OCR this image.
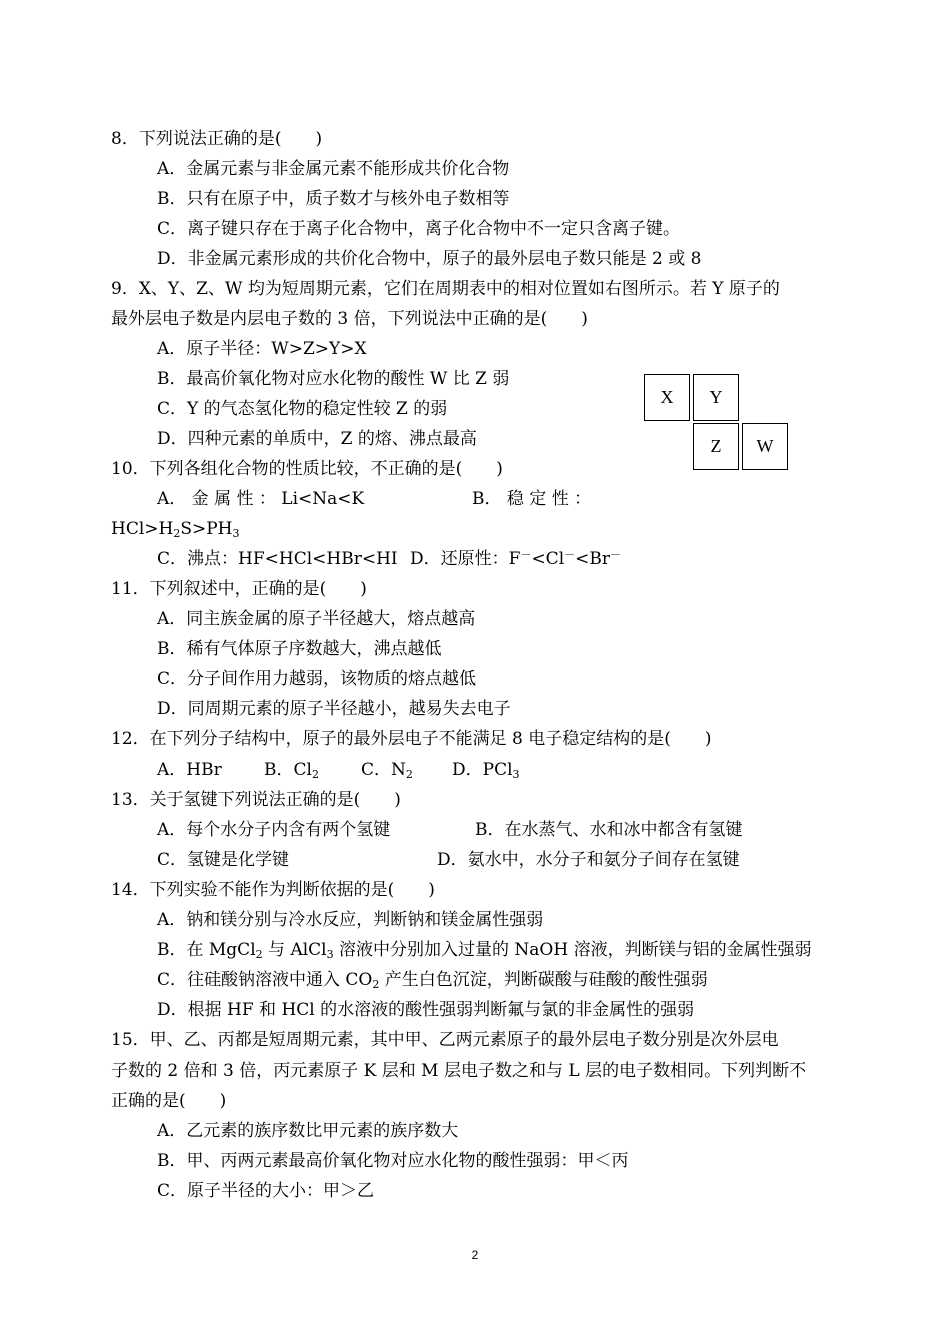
8．下列说法正确的是(　　)
A．金属元素与非金属元素不能形成共价化合物
B．只有在原子中，质子数才与核外电子数相等
C．离子键只存在于离子化合物中，离子化合物中不一定只含离子键。
D．非金属元素形成的共价化合物中，原子的最外层电子数只能是 2 或 8
9．X、Y、Z、W 均为短周期元素，它们在周期表中的相对位置如右图所示。若 Y 原子的
最外层电子数是内层电子数的 3 倍，下列说法中正确的是(　　)
A．原子半径：W>Z>Y>X
B．最高价氧化物对应水化物的酸性 W 比 Z 弱
C．Y 的气态氢化物的稳定性较 Z 的弱
D．四种元素的单质中，Z 的熔、沸点最高
X	Y
Z	W
10．下列各组化合物的性质比较，不正确的是(　　)
A． 金 属 性 ： Li<Na<K	B． 稳 定 性 ：
$HCl>H_2S>PH_3$
C．沸点：HF<HCl<HBr<HI D．还原性：F－<Cl－<Br－
11．下列叙述中，正确的是(　　)
A．同主族金属的原子半径越大，熔点越高
B．稀有气体原子序数越大，沸点越低
C．分子间作用力越弱，该物质的熔点越低
D．同周期元素的原子半径越小，越易失去电子
12．在下列分子结构中，原子的最外层电子不能满足 8 电子稳定结构的是(　　)
A．HBr B．$Cl_2$ C．$N_2$ D．PCl$_3$
13．关于氢键下列说法正确的是(　　)
A．每个水分子内含有两个氢键	B．在水蒸气、水和冰中都含有氢键
C．氢键是化学键	D．氨水中，水分子和氨分子间存在氢键
14．下列实验不能作为判断依据的是(　　)
A．钠和镁分别与冷水反应，判断钠和镁金属性强弱
B．在 MgCl$_2$ 与 AlCl$_3$ 溶液中分别加入过量的 NaOH 溶液，判断镁与铝的金属性强弱
C．往硅酸钠溶液中通入 $CO_2$ 产生白色沉淀，判断碳酸与硅酸的酸性强弱
D．根据 HF 和 HCl 的水溶液的酸性强弱判断氟与氯的非金属性的强弱
15．甲、乙、丙都是短周期元素，其中甲、乙两元素原子的最外层电子数分别是次外层电
子数的 2 倍和 3 倍，丙元素原子 K 层和 M 层电子数之和与 L 层的电子数相同。下列判断不
正确的是(　　)
A．乙元素的族序数比甲元素的族序数大
B．甲、丙两元素最高价氧化物对应水化物的酸性强弱：甲＜丙
C．原子半径的大小：甲＞乙
2
